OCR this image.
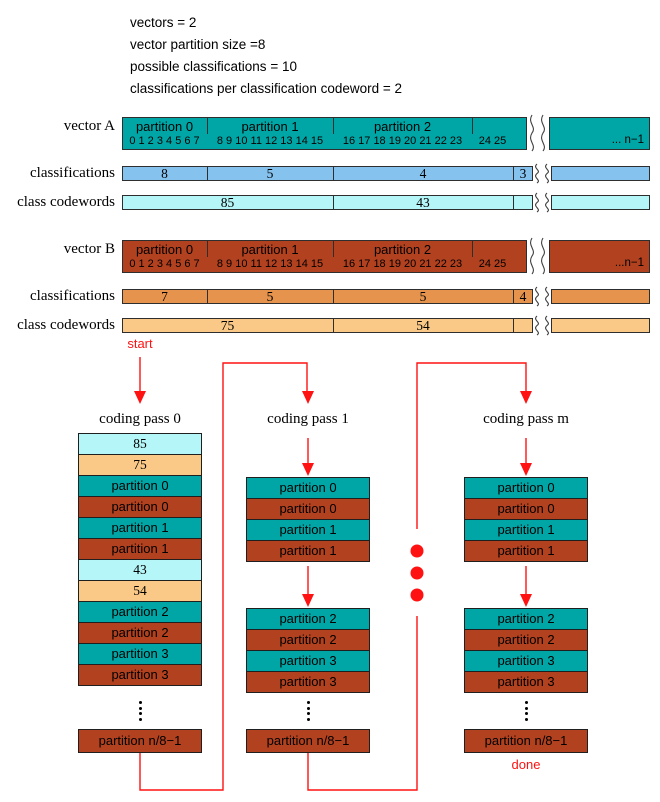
vectors = 2
vector partition size =8
possible classifications = 10
classifications per classification codeword = 2
vector A
classifications
class codewords
partition 0	partition 1	partition 2
0 1 2 3 4 5 6 7	8 9 10 11 12 13 14 15	16 17 18 19 20 21 22 23	24 25	... n−1
8	5	4	3
85	43
vector B
classifications
class codewords
partition 0	partition 1	partition 2
0 1 2 3 4 5 6 7	8 9 10 11 12 13 14 15	16 17 18 19 20 21 22 23	24 25	...n−1
7	5	5	4
75	54
start
done
coding pass 0
85
75
partition 0
partition 0
partition 1
partition 1
43
54
partition 2
partition 2
partition 3
partition 3
partition n/8−1
coding pass 1
partition 0
partition 0
partition 1
partition 1
partition 2
partition 2
partition 3
partition 3
partition n/8−1
coding pass m
partition 0
partition 0
partition 1
partition 1
partition 2
partition 2
partition 3
partition 3
partition n/8−1
